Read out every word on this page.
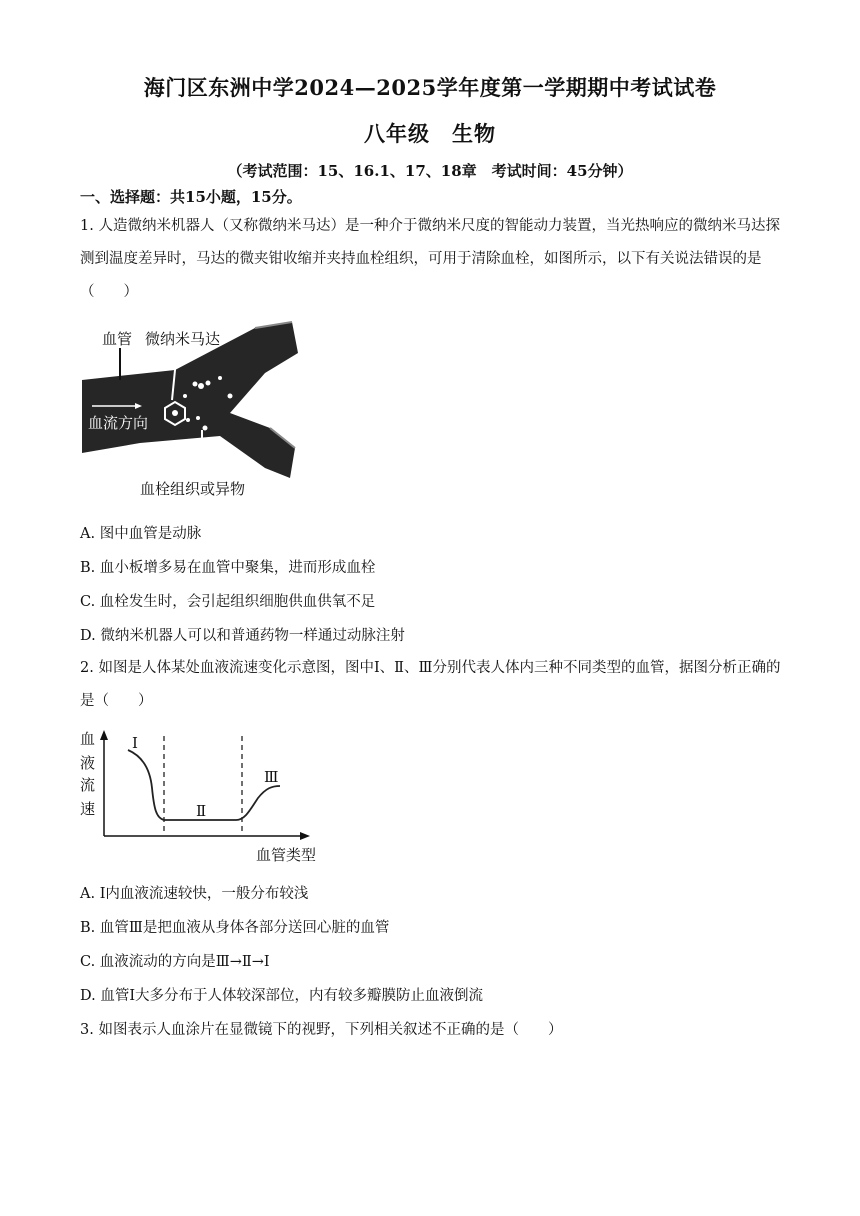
海门区东洲中学2024—2025学年度第一学期期中考试试卷
八年级　生物
（考试范围：15、16.1、17、18章　考试时间：45分钟）
一、选择题：共15小题，15分。
1. 人造微纳米机器人（又称微纳米马达）是一种介于微纳米尺度的智能动力装置，当光热响应的微纳米马达探测到温度差异时，马达的微夹钳收缩并夹持血栓组织，可用于清除血栓，如图所示，以下有关说法错误的是（　　）
血管 微纳米马达
血流方向
血栓组织或异物
A. 图中血管是动脉
B. 血小板增多易在血管中聚集，进而形成血栓
C. 血栓发生时，会引起组织细胞供血供氧不足
D. 微纳米机器人可以和普通药物一样通过动脉注射
2. 如图是人体某处血液流速变化示意图，图中Ⅰ、Ⅱ、Ⅲ分别代表人体内三种不同类型的血管，据图分析正确的是（　　）
血
液
流
速
Ⅰ
Ⅱ
Ⅲ
血管类型
A. Ⅰ内血液流速较快，一般分布较浅
B. 血管Ⅲ是把血液从身体各部分送回心脏的血管
C. 血液流动的方向是Ⅲ→Ⅱ→Ⅰ
D. 血管Ⅰ大多分布于人体较深部位，内有较多瓣膜防止血液倒流
3. 如图表示人血涂片在显微镜下的视野，下列相关叙述不正确的是（　　）
